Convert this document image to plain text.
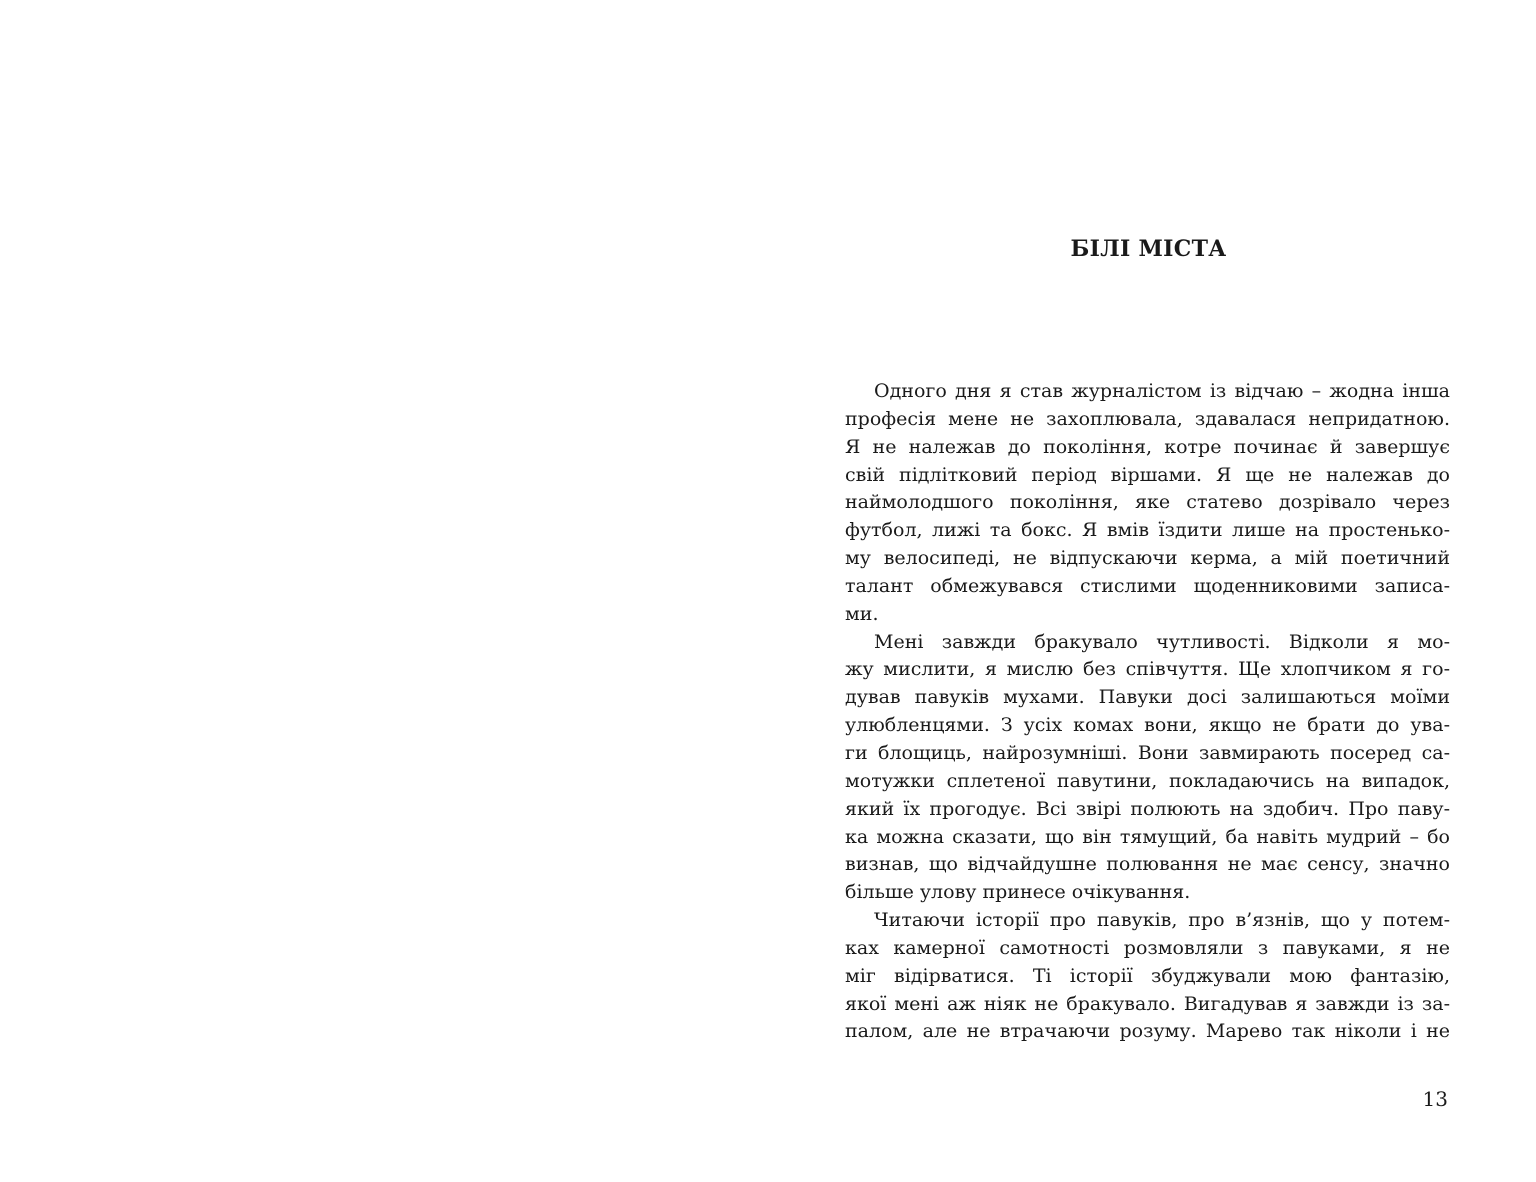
БІЛІ МІСТА

Одного дня я став журналістом із відчаю – жодна інша
професія мене не захоплювала, здавалася непридатною.
Я не належав до покоління, котре починає й завершує
свій підлітковий період віршами. Я ще не належав до
наймолодшого покоління, яке статево дозрівало через
футбол, лижі та бокс. Я вмів їздити лише на простенько-
му велосипеді, не відпускаючи керма, а мій поетичний
талант обмежувався стислими щоденниковими записа-
ми.

Мені завжди бракувало чутливості. Відколи я мо-
жу мислити, я мислю без співчуття. Ще хлопчиком я го-
дував павуків мухами. Павуки досі залишаються моїми
улюбленцями. З усіх комах вони, якщо не брати до ува-
ги блощиць, найрозумніші. Вони завмирають посеред са-
мотужки сплетеної павутини, покладаючись на випадок,
який їх прогодує. Всі звірі полюють на здобич. Про паву-
ка можна сказати, що він тямущий, ба навіть мудрий – бо
визнав, що відчайдушне полювання не має сенсу, значно
більше улову принесе очікування.

Читаючи історії про павуків, про в’язнів, що у потем-
ках камерної самотності розмовляли з павуками, я не
міг відірватися. Ті історії збуджували мою фантазію,
якої мені аж ніяк не бракувало. Вигадував я завжди із за-
палом, але не втрачаючи розуму. Марево так ніколи і не

13
